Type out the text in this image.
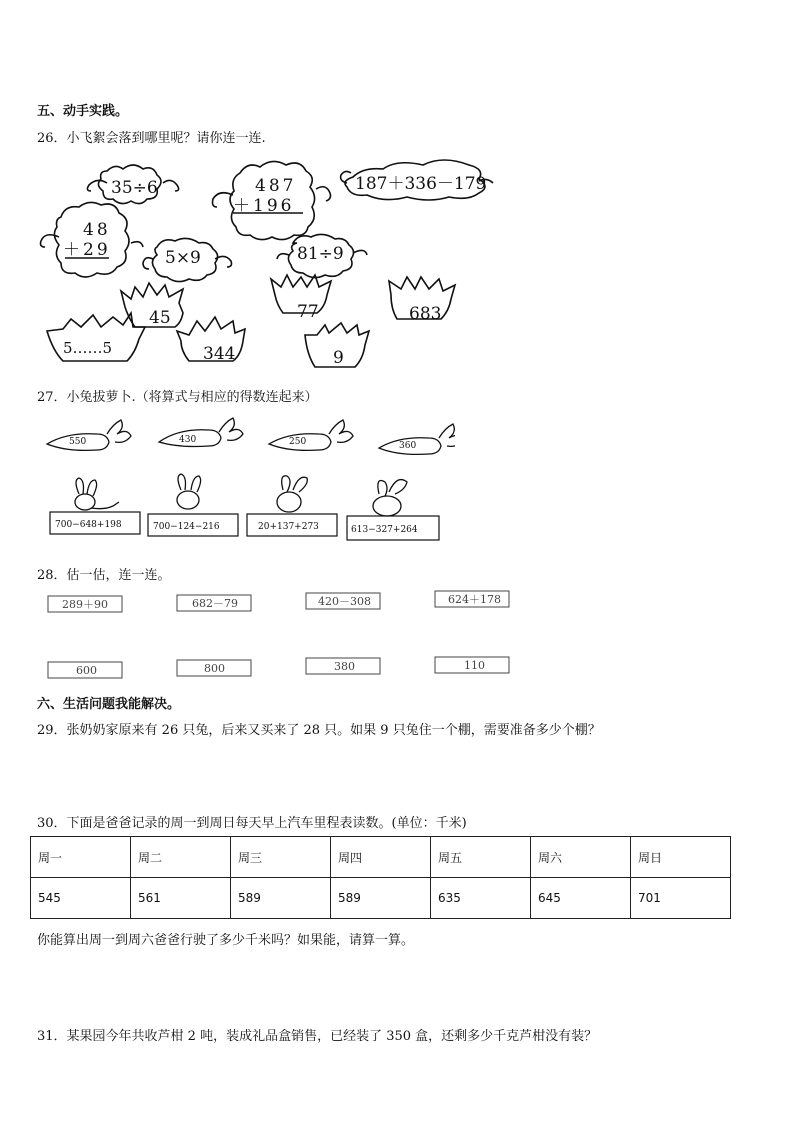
五、动手实践。
26．小飞絮会落到哪里呢？请你连一连.
35÷6	487
＋196
187＋336－179
48
＋29	5×9	81÷9
45	77	683
5……5	344	9
27．小兔拔萝卜.（将算式与相应的得数连起来）
550	430	250	360
700−648+198	700−124−216	20+137+273	613−327+264
28．估一估，连一连。
289＋90	682－79	420－308	624＋178
600	800	380	110
六、生活问题我能解决。
29．张奶奶家原来有 26 只兔，后来又买来了 28 只。如果 9 只兔住一个棚，需要准备多少个棚？
30．下面是爸爸记录的周一到周日每天早上汽车里程表读数。(单位：千米)
周一	周二	周三	周四	周五	周六	周日
545	561	589	589	635	645	701
你能算出周一到周六爸爸行驶了多少千米吗？如果能，请算一算。
31．某果园今年共收芦柑 2 吨，装成礼品盒销售，已经装了 350 盒，还剩多少千克芦柑没有装？
